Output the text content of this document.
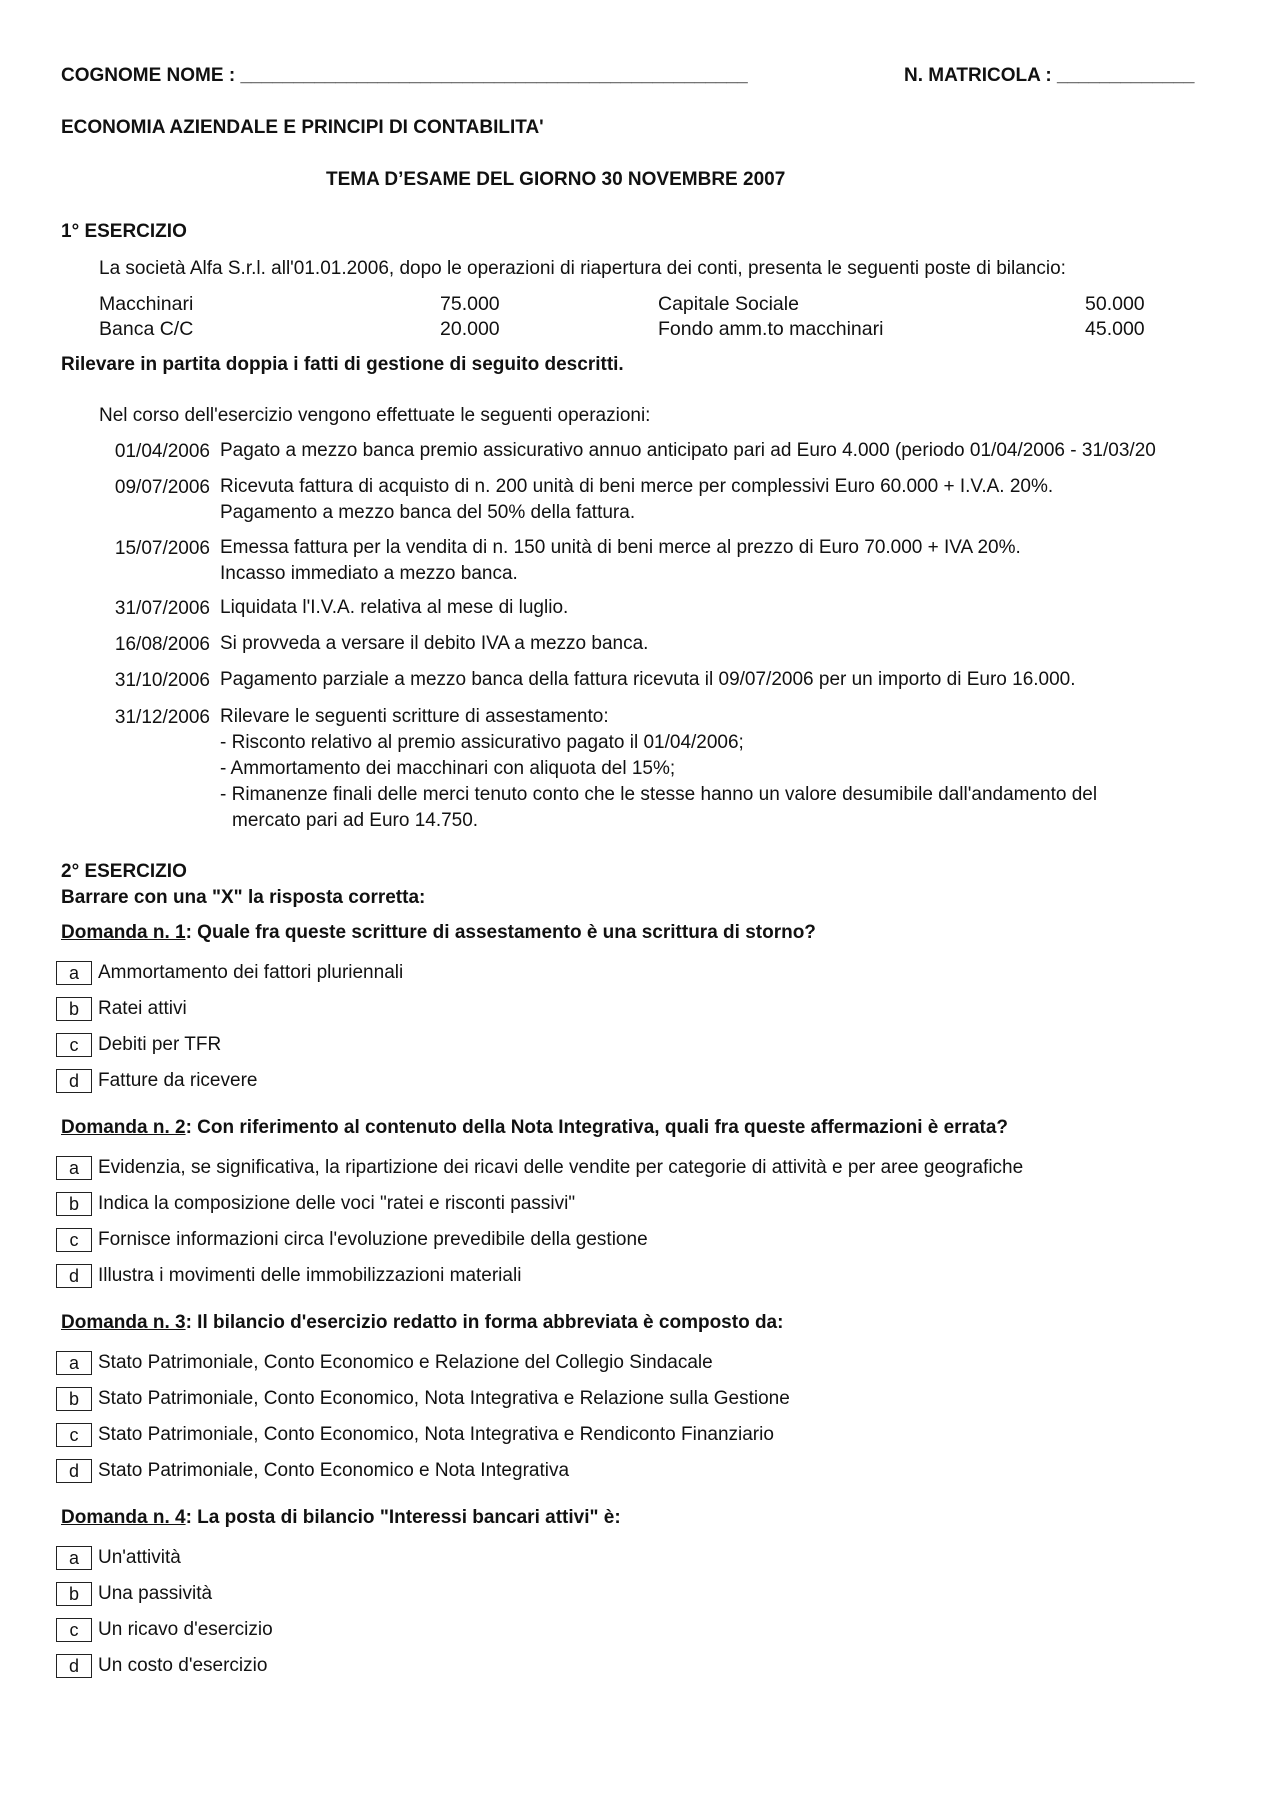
COGNOME NOME : ________________________________________________	N. MATRICOLA : _____________
ECONOMIA AZIENDALE E PRINCIPI DI CONTABILITA'
TEMA D’ESAME DEL GIORNO 30 NOVEMBRE 2007
1° ESERCIZIO
La società Alfa S.r.l. all'01.01.2006, dopo le operazioni di riapertura dei conti, presenta le seguenti poste di bilancio:
Macchinari	75.000	Capitale Sociale	50.000
Banca C/C	20.000	Fondo amm.to macchinari	45.000
Rilevare in partita doppia i fatti di gestione di seguito descritti.
Nel corso dell'esercizio vengono effettuate le seguenti operazioni:
01/04/2006 Pagato a mezzo banca premio assicurativo annuo anticipato pari ad Euro 4.000 (periodo 01/04/2006 - 31/03/20
09/07/2006 Ricevuta fattura di acquisto di n. 200 unità di beni merce per complessivi Euro 60.000 + I.V.A. 20%.
Pagamento a mezzo banca del 50% della fattura.
15/07/2006 Emessa fattura per la vendita di n. 150 unità di beni merce al prezzo di Euro 70.000 + IVA 20%.
Incasso immediato a mezzo banca.
31/07/2006 Liquidata l'I.V.A. relativa al mese di luglio.
16/08/2006 Si provveda a versare il debito IVA a mezzo banca.
31/10/2006 Pagamento parziale a mezzo banca della fattura ricevuta il 09/07/2006 per un importo di Euro 16.000.
31/12/2006 Rilevare le seguenti scritture di assestamento:
- Risconto relativo al premio assicurativo pagato il 01/04/2006;
- Ammortamento dei macchinari con aliquota del 15%;
- Rimanenze finali delle merci tenuto conto che le stesse hanno un valore desumibile dall'andamento del
mercato pari ad Euro 14.750.
2° ESERCIZIO
Barrare con una "X" la risposta corretta:
Domanda n. 1: Quale fra queste scritture di assestamento è una scrittura di storno?
a	Ammortamento dei fattori pluriennali
b	Ratei attivi
c	Debiti per TFR
d	Fatture da ricevere
Domanda n. 2: Con riferimento al contenuto della Nota Integrativa, quali fra queste affermazioni è errata?
a	Evidenzia, se significativa, la ripartizione dei ricavi delle vendite per categorie di attività e per aree geografiche
b	Indica la composizione delle voci "ratei e risconti passivi"
c	Fornisce informazioni circa l'evoluzione prevedibile della gestione
d	Illustra i movimenti delle immobilizzazioni materiali
Domanda n. 3: Il bilancio d'esercizio redatto in forma abbreviata è composto da:
a	Stato Patrimoniale, Conto Economico e Relazione del Collegio Sindacale
b	Stato Patrimoniale, Conto Economico, Nota Integrativa e Relazione sulla Gestione
c	Stato Patrimoniale, Conto Economico, Nota Integrativa e Rendiconto Finanziario
d	Stato Patrimoniale, Conto Economico e Nota Integrativa
Domanda n. 4: La posta di bilancio "Interessi bancari attivi" è:
a	Un'attività
b	Una passività
c	Un ricavo d'esercizio
d	Un costo d'esercizio
